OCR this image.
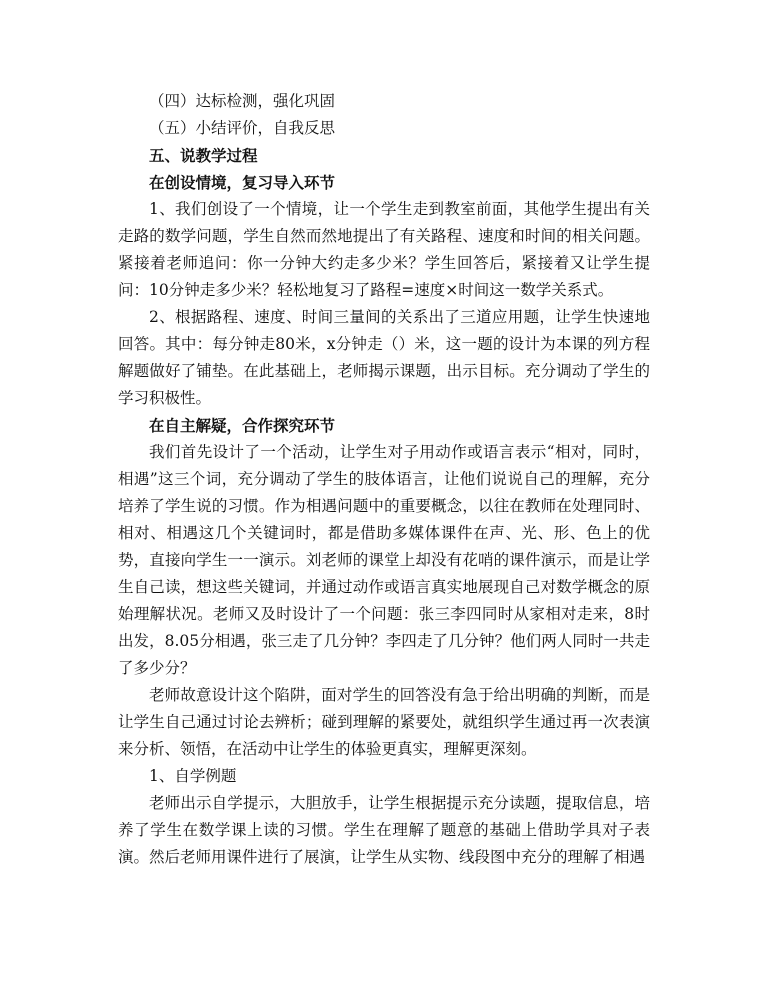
（四）达标检测，强化巩固

（五）小结评价，自我反思

五、说教学过程

在创设情境，复习导入环节

1、我们创设了一个情境，让一个学生走到教室前面，其他学生提出有关走路的数学问题，学生自然而然地提出了有关路程、速度和时间的相关问题。紧接着老师追问：你一分钟大约走多少米？学生回答后，紧接着又让学生提问：10分钟走多少米？轻松地复习了路程=速度×时间这一数学关系式。

2、根据路程、速度、时间三量间的关系出了三道应用题，让学生快速地回答。其中：每分钟走80米，x分钟走（）米，这一题的设计为本课的列方程解题做好了铺垫。在此基础上，老师揭示课题，出示目标。充分调动了学生的学习积极性。

在自主解疑，合作探究环节

我们首先设计了一个活动，让学生对子用动作或语言表示“相对，同时，相遇”这三个词，充分调动了学生的肢体语言，让他们说说自己的理解，充分培养了学生说的习惯。作为相遇问题中的重要概念，以往在教师在处理同时、相对、相遇这几个关键词时，都是借助多媒体课件在声、光、形、色上的优势，直接向学生一一演示。刘老师的课堂上却没有花哨的课件演示，而是让学生自己读，想这些关键词，并通过动作或语言真实地展现自己对数学概念的原始理解状况。老师又及时设计了一个问题：张三李四同时从家相对走来，8时出发，8.05分相遇，张三走了几分钟？李四走了几分钟？他们两人同时一共走了多少分？

老师故意设计这个陷阱，面对学生的回答没有急于给出明确的判断，而是让学生自己通过讨论去辨析；碰到理解的紧要处，就组织学生通过再一次表演来分析、领悟，在活动中让学生的体验更真实，理解更深刻。

1、自学例题

老师出示自学提示，大胆放手，让学生根据提示充分读题，提取信息，培养了学生在数学课上读的习惯。学生在理解了题意的基础上借助学具对子表演。然后老师用课件进行了展演，让学生从实物、线段图中充分的理解了相遇
